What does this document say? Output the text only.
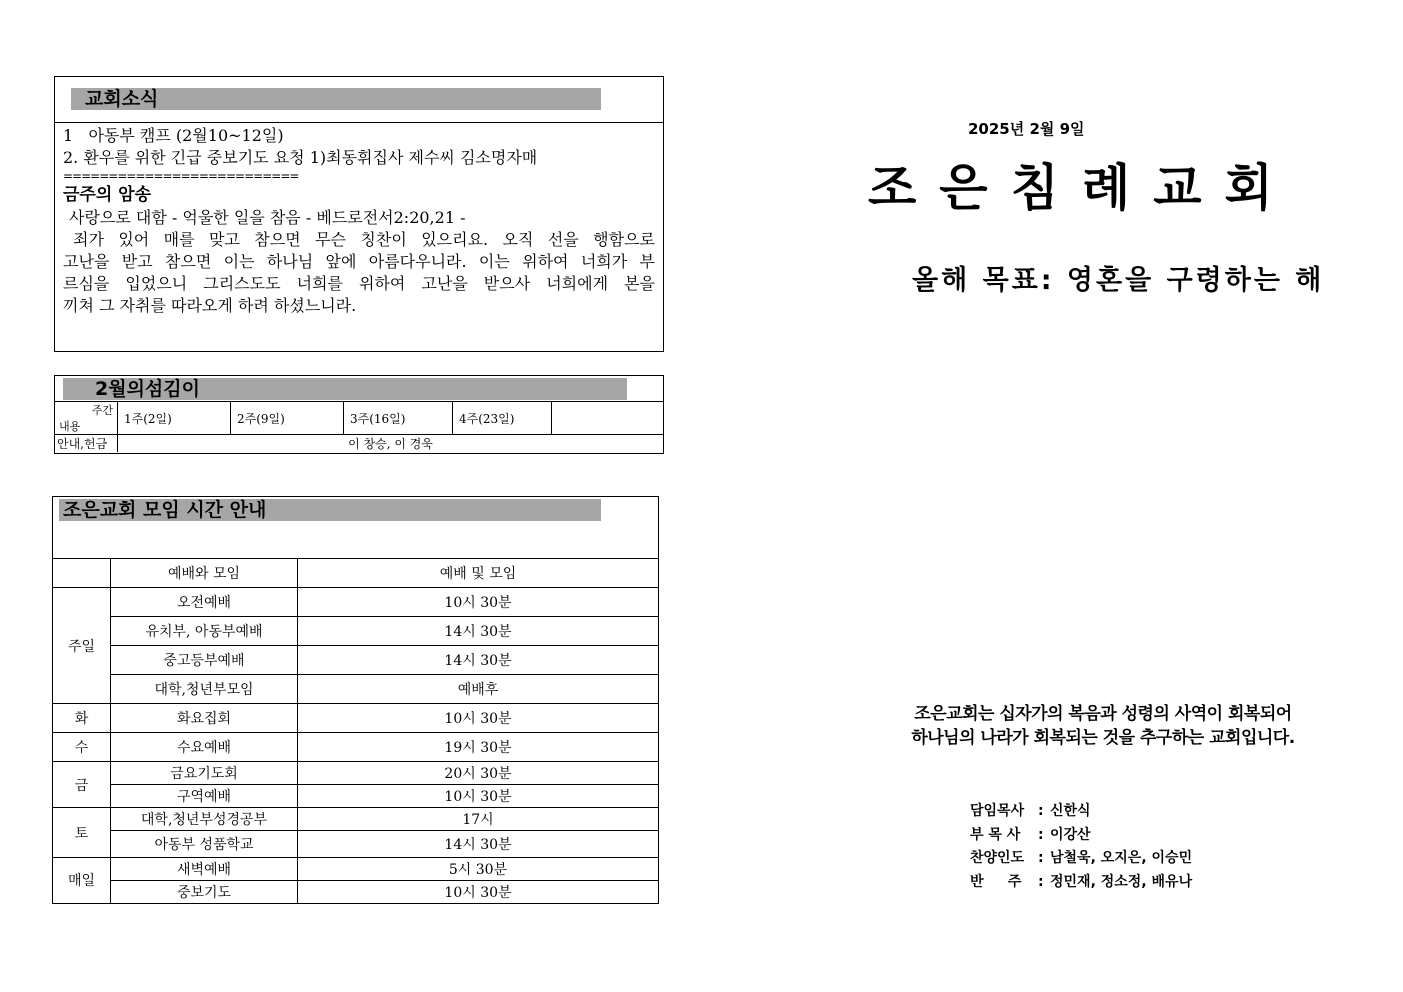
교회소식
1   아동부 캠프 (2월10~12일)
2. 환우를 위한 긴급 중보기도 요청 1)최동휘집사 제수씨 김소명자매
==========================
금주의 암송
사랑으로 대함 - 억울한 일을 참음 - 베드로전서2:20,21 -
죄가 있어 매를 맞고 참으면 무슨 칭찬이 있으리요. 오직 선을 행함으로
고난을 받고 참으면 이는 하나님 앞에 아름다우니라. 이는 위하여 너희가 부
르심을 입었으니 그리스도도 너희를 위하여 고난을 받으사 너희에게 본을
끼쳐 그 자취를 따라오게 하려 하셨느니라.
2월의섬김이
주간
내용	1주(2일)	2주(9일)	3주(16일)	4주(23일)	
안내,헌금	이 창승, 이 경욱				
조은교회 모임 시간 안내
	예배와 모임	예배 및 모임
주일	오전예배	10시 30분
	유치부, 아동부예배	14시 30분
	중고등부예배	14시 30분
	대학,청년부모임	예배후
화	화요집회	10시 30분
수	수요예배	19시 30분
금	금요기도회	20시 30분
	구역예배	10시 30분
토	대학,청년부성경공부	17시
	아동부 성품학교	14시 30분
매일	새벽예배	5시 30분
	중보기도	10시 30분
2025년 2월 9일
조은침례교회
올해 목표: 영혼을 구령하는 해
조은교회는 십자가의 복음과 성령의 사역이 회복되어
하나님의 나라가 회복되는 것을 추구하는 교회입니다.
담임목사 : 신한식
부 목 사	: 이강산
찬양인도 : 남철욱, 오지은, 이승민
반     주	: 정민재, 정소정, 배유나
